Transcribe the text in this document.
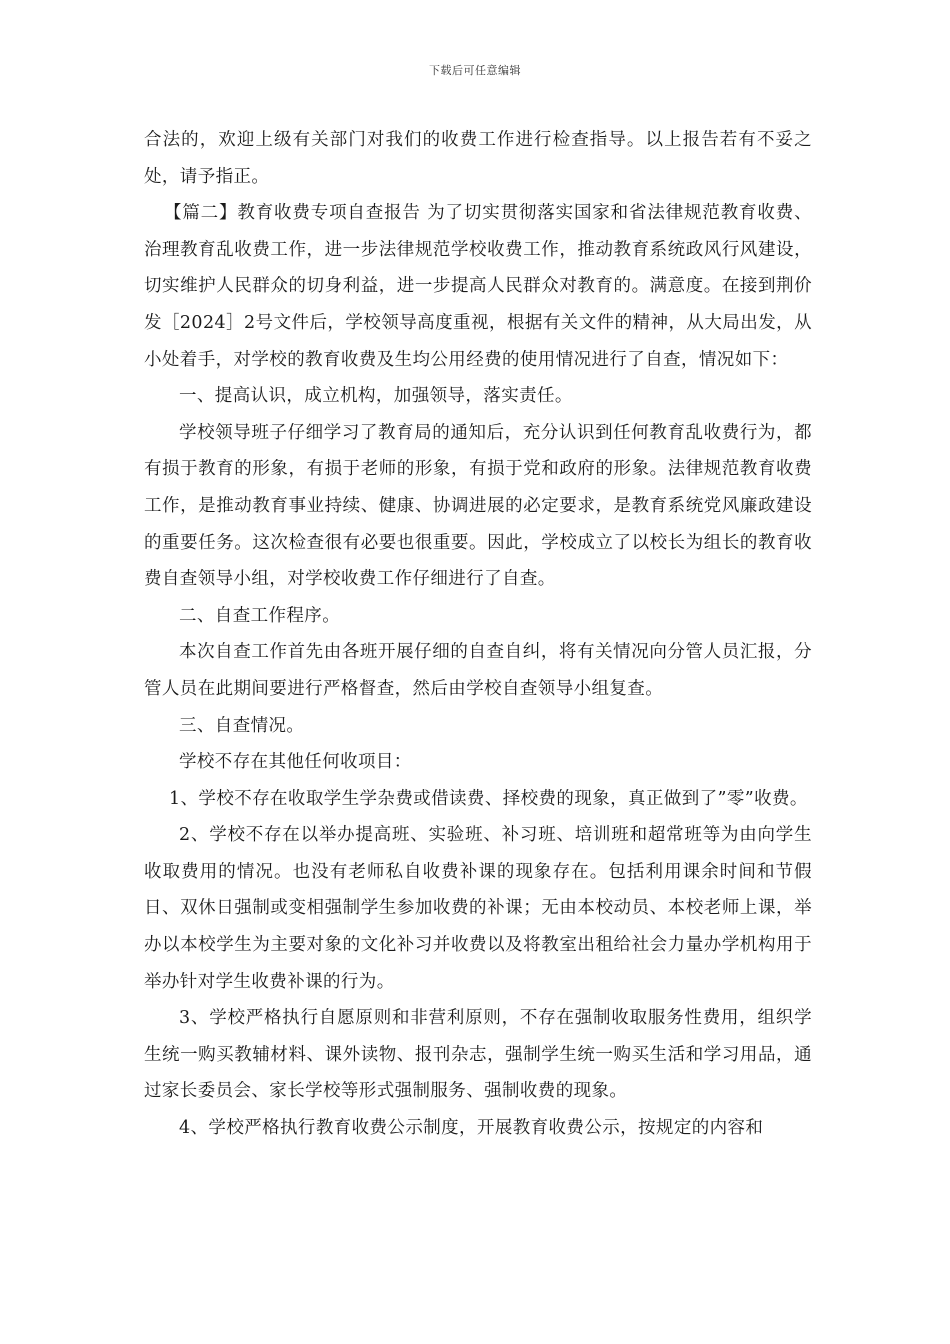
下载后可任意编辑

合法的，欢迎上级有关部门对我们的收费工作进行检查指导。以上报告若有不妥之处，请予指正。

【篇二】教育收费专项自查报告 为了切实贯彻落实国家和省法律规范教育收费、治理教育乱收费工作，进一步法律规范学校收费工作，推动教育系统政风行风建设，切实维护人民群众的切身利益，进一步提高人民群众对教育的。满意度。在接到荆价发［2024］2号文件后，学校领导高度重视，根据有关文件的精神，从大局出发，从小处着手，对学校的教育收费及生均公用经费的使用情况进行了自查，情况如下：

一、提高认识，成立机构，加强领导，落实责任。

学校领导班子仔细学习了教育局的通知后，充分认识到任何教育乱收费行为，都有损于教育的形象，有损于老师的形象，有损于党和政府的形象。法律规范教育收费工作，是推动教育事业持续、健康、协调进展的必定要求，是教育系统党风廉政建设的重要任务。这次检查很有必要也很重要。因此，学校成立了以校长为组长的教育收费自查领导小组，对学校收费工作仔细进行了自查。

二、自查工作程序。

本次自查工作首先由各班开展仔细的自查自纠，将有关情况向分管人员汇报，分管人员在此期间要进行严格督查，然后由学校自查领导小组复查。

三、自查情况。

学校不存在其他任何收项目：

1、学校不存在收取学生学杂费或借读费、择校费的现象，真正做到了”零”收费。

2、学校不存在以举办提高班、实验班、补习班、培训班和超常班等为由向学生收取费用的情况。也没有老师私自收费补课的现象存在。包括利用课余时间和节假日、双休日强制或变相强制学生参加收费的补课；无由本校动员、本校老师上课，举办以本校学生为主要对象的文化补习并收费以及将教室出租给社会力量办学机构用于举办针对学生收费补课的行为。

3、学校严格执行自愿原则和非营利原则，不存在强制收取服务性费用，组织学生统一购买教辅材料、课外读物、报刊杂志，强制学生统一购买生活和学习用品，通过家长委员会、家长学校等形式强制服务、强制收费的现象。

4、学校严格执行教育收费公示制度，开展教育收费公示，按规定的内容和
